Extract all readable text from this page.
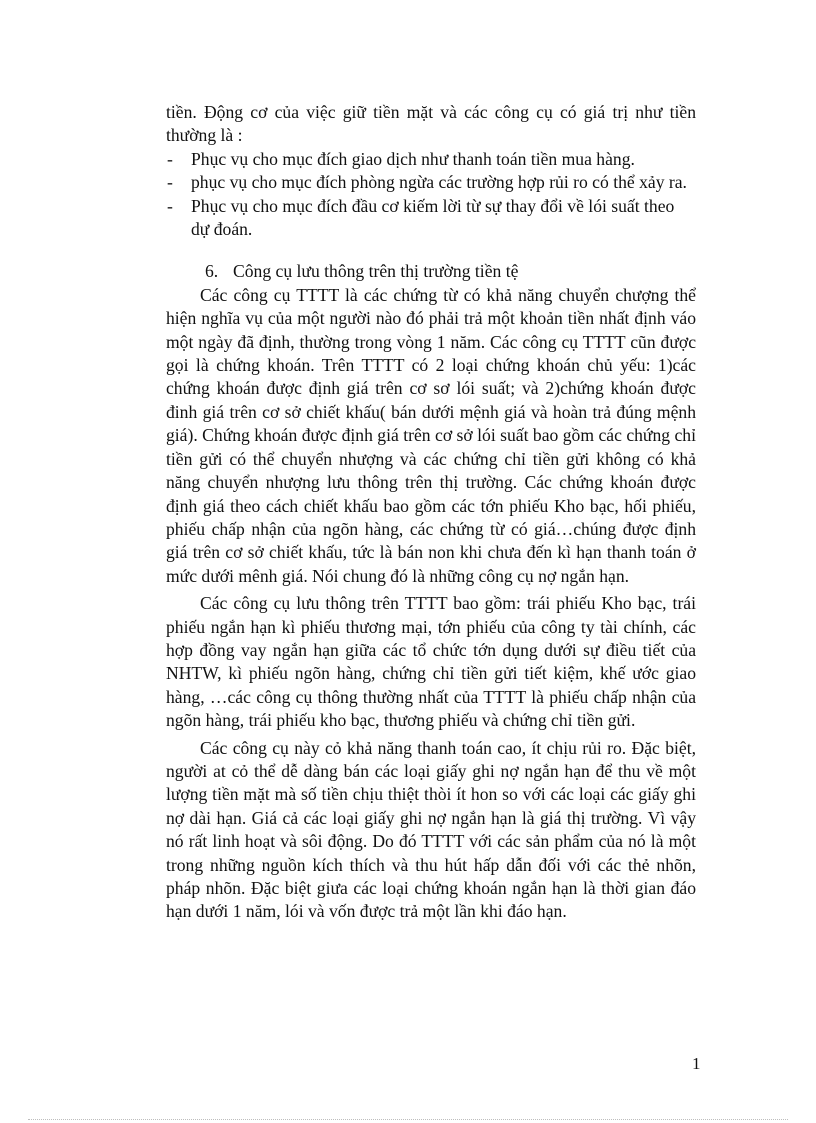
tiền. Động cơ của việc giữ tiền mặt và các công cụ có giá trị như tiền thường là :

- Phục vụ cho mục đích giao dịch như thanh toán tiền mua hàng.
- phục vụ cho mục đích phòng ngừa các trường hợp rủi ro có thể xảy ra.
- Phục vụ cho mục đích đầu cơ kiếm lời từ sự thay đổi về lói suất theo dự đoán.

6. Công cụ lưu thông trên thị trường tiền tệ

Các công cụ TTTT là các chứng từ có khả năng chuyển chượng thể hiện nghĩa vụ của một người nào đó phải trả một khoản tiền nhất định váo một ngày đã định, thường trong vòng 1 năm. Các công cụ TTTT cũn được gọi là chứng khoán. Trên TTTT có 2 loại chứng khoán chủ yếu: 1)các chứng khoán được định giá trên cơ sơ lói suất; và 2)chứng khoán được đinh giá trên cơ sở chiết khấu( bán dưới mệnh giá và hoàn trả đúng mệnh giá). Chứng khoán được định giá trên cơ sở lói suất bao gồm các chứng chỉ tiền gửi có thể chuyển nhượng và các chứng chỉ tiền gửi không có khả năng chuyển nhượng lưu thông trên thị trường. Các chứng khoán được định giá theo cách chiết khấu bao gồm các tớn phiếu Kho bạc, hối phiếu, phiếu chấp nhận của ngõn hàng, các chứng từ có giá…chúng được định giá trên cơ sở chiết khấu, tức là bán non khi chưa đến kì hạn thanh toán ở mức dưới mênh giá. Nói chung đó là những công cụ nợ ngắn hạn.

Các công cụ lưu thông trên TTTT bao gồm: trái phiếu Kho bạc, trái phiếu ngắn hạn kì phiếu thương mại, tớn phiếu của công ty tài chính, các hợp đồng vay ngắn hạn giữa các tổ chức tớn dụng dưới sự điều tiết của NHTW, kì phiếu ngõn hàng, chứng chỉ tiền gửi tiết kiệm, khế ước giao hàng, …các công cụ thông thường nhất của TTTT là phiếu chấp nhận của ngõn hàng, trái phiếu kho bạc, thương phiếu và chứng chỉ tiền gửi.

Các công cụ này cỏ khả năng thanh toán cao, ít chịu rủi ro. Đặc biệt, người at cỏ thể dễ dàng bán các loại giấy ghi nợ ngắn hạn để thu về một lượng tiền mặt mà số tiền chịu thiệt thòi ít hon so với các loại các giấy ghi nợ dài hạn. Giá cả các loại giấy ghi nợ ngắn hạn là giá thị trường. Vì vậy nó rất linh hoạt và sôi động. Do đó TTTT với các sản phẩm của nó là một trong những nguồn kích thích và thu hút hấp dẫn đối với các thẻ nhõn, pháp nhõn. Đặc biệt giưa các loại chứng khoán ngắn hạn là thời gian đáo hạn dưới 1 năm, lói và vốn được trả một lần khi đáo hạn.

1
